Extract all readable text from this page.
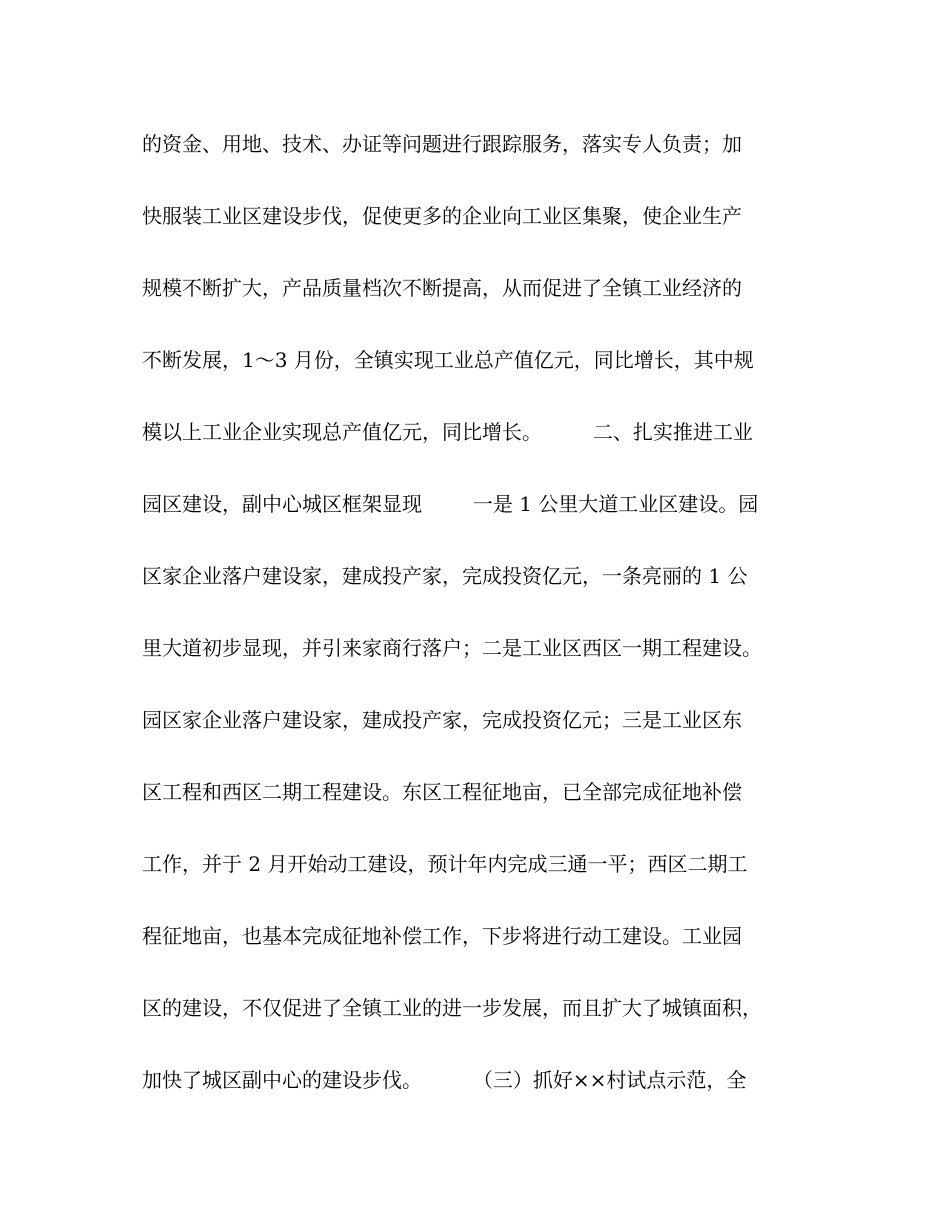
的资金、用地、技术、办证等问题进行跟踪服务，落实专人负责；加
快服装工业区建设步伐，促使更多的企业向工业区集聚，使企业生产
规模不断扩大，产品质量档次不断提高，从而促进了全镇工业经济的
不断发展，1～3 月份，全镇实现工业总产值亿元，同比增长，其中规
模以上工业企业实现总产值亿元，同比增长。        二、扎实推进工业
园区建设，副中心城区框架显现        一是 1 公里大道工业区建设。园
区家企业落户建设家，建成投产家，完成投资亿元，一条亮丽的 1 公
里大道初步显现，并引来家商行落户；二是工业区西区一期工程建设。
园区家企业落户建设家，建成投产家，完成投资亿元；三是工业区东
区工程和西区二期工程建设。东区工程征地亩，已全部完成征地补偿
工作，并于 2 月开始动工建设，预计年内完成三通一平；西区二期工
程征地亩，也基本完成征地补偿工作，下步将进行动工建设。工业园
区的建设，不仅促进了全镇工业的进一步发展，而且扩大了城镇面积，
加快了城区副中心的建设步伐。        （三）抓好××村试点示范，全
